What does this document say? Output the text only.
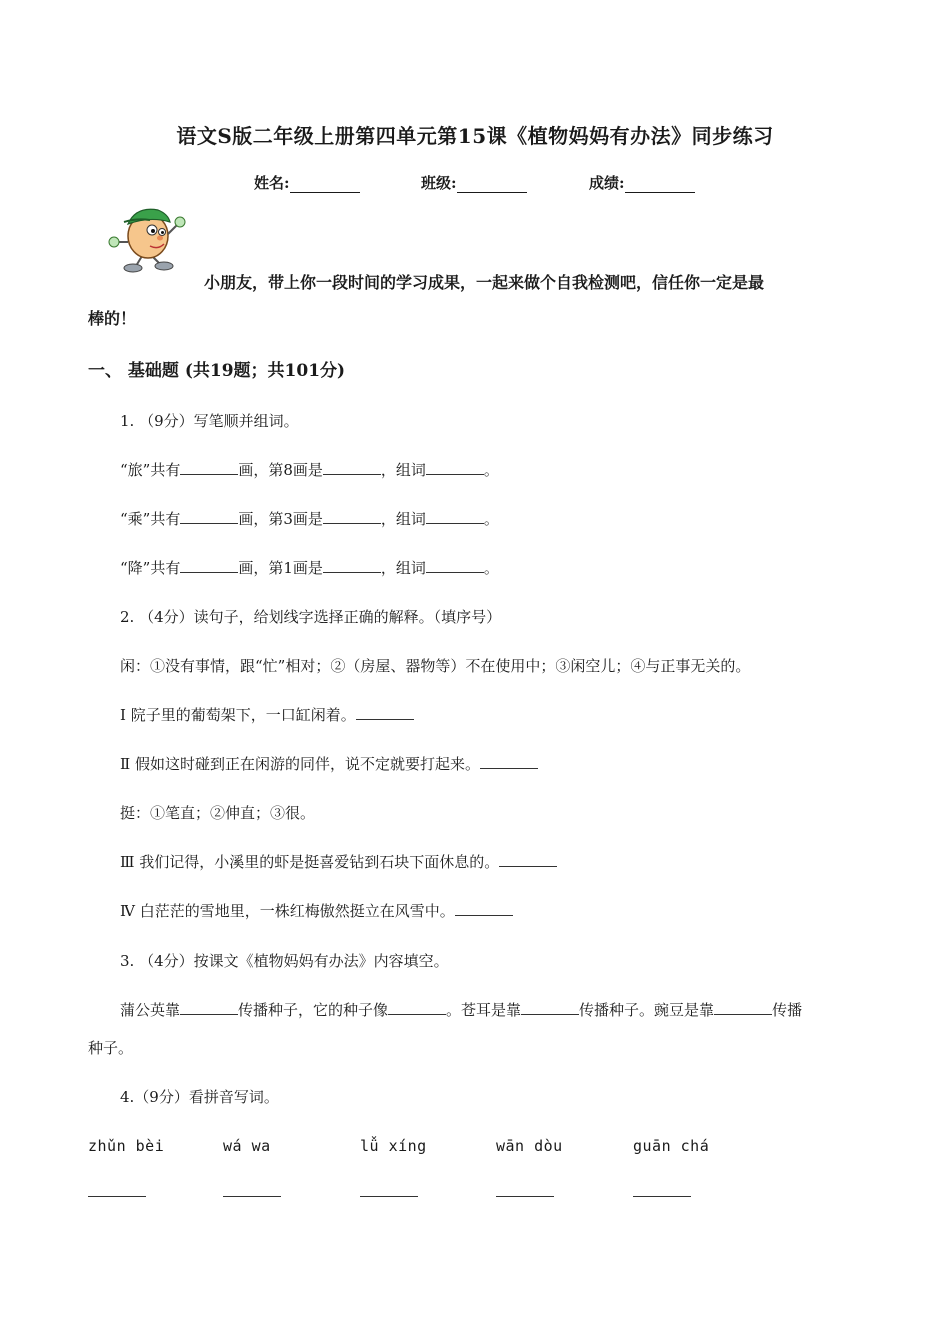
语文S版二年级上册第四单元第15课《植物妈妈有办法》同步练习
姓名:	班级:	成绩:
小朋友，带上你一段时间的学习成果，一起来做个自我检测吧，信任你一定是最
棒的！
一、 基础题 (共19题；共101分)
1. （9分）写笔顺并组词。
“旅”共有	画，第8画是	，组词	。
“乘”共有	画，第3画是	，组词	。
“降”共有	画，第1画是	，组词	。
2. （4分）读句子，给划线字选择正确的解释。（填序号）
闲：①没有事情，跟“忙”相对；②（房屋、器物等）不在使用中；③闲空儿；④与正事无关的。
Ⅰ 院子里的葡萄架下，一口缸闲着。
Ⅱ 假如这时碰到正在闲游的同伴，说不定就要打起来。
挺：①笔直；②伸直；③很。
Ⅲ 我们记得，小溪里的虾是挺喜爱钻到石块下面休息的。
Ⅳ 白茫茫的雪地里，一株红梅傲然挺立在风雪中。
3. （4分）按课文《植物妈妈有办法》内容填空。
蒲公英靠	传播种子，它的种子像	。苍耳是靠	传播种子。豌豆是靠	传播
种子。
4.（9分）看拼音写词。
zhǔn bèi	wá wa	lǚ xíng	wān dòu	guān chá
